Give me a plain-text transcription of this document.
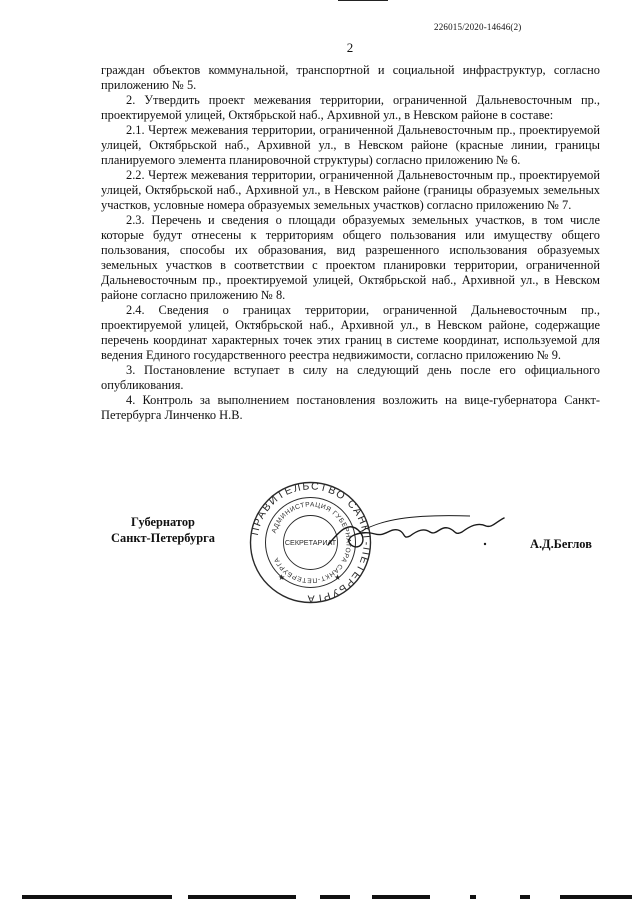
226015/2020-14646(2)
2

граждан объектов коммунальной, транспортной и социальной инфраструктур, согласно приложению № 5.

2. Утвердить проект межевания территории, ограниченной Дальневосточным пр., проектируемой улицей, Октябрьской наб., Архивной ул., в Невском районе в составе:

2.1. Чертеж межевания территории, ограниченной Дальневосточным пр., проектируемой улицей, Октябрьской наб., Архивной ул., в Невском районе (красные линии, границы планируемого элемента планировочной структуры) согласно приложению № 6.

2.2. Чертеж межевания территории, ограниченной Дальневосточным пр., проектируемой улицей, Октябрьской наб., Архивной ул., в Невском районе (границы образуемых земельных участков, условные номера образуемых земельных участков) согласно приложению № 7.

2.3. Перечень и сведения о площади образуемых земельных участков, в том числе которые будут отнесены к территориям общего пользования или имуществу общего пользования, способы их образования, вид разрешенного использования образуемых земельных участков в соответствии с проектом планировки территории, ограниченной Дальневосточным пр., проектируемой улицей, Октябрьской наб., Архивной ул., в Невском районе согласно приложению № 8.

2.4. Сведения о границах территории, ограниченной Дальневосточным пр., проектируемой улицей, Октябрьской наб., Архивной ул., в Невском районе, содержащие перечень координат характерных точек этих границ в системе координат, используемой для ведения Единого государственного реестра недвижимости, согласно приложению № 9.

3. Постановление вступает в силу на следующий день после его официального опубликования.

4. Контроль за выполнением постановления возложить на вице-губернатора Санкт-Петербурга Линченко Н.В.

Губернатор
Санкт-Петербурга
ПРАВИТЕЛЬСТВО САНКТ-ПЕТЕРБУРГА
АДМИНИСТРАЦИЯ ГУБЕРНАТОРА САНКТ-ПЕТЕРБУРГА
СЕКРЕТАРИАТ
★	★
А.Д.Беглов
